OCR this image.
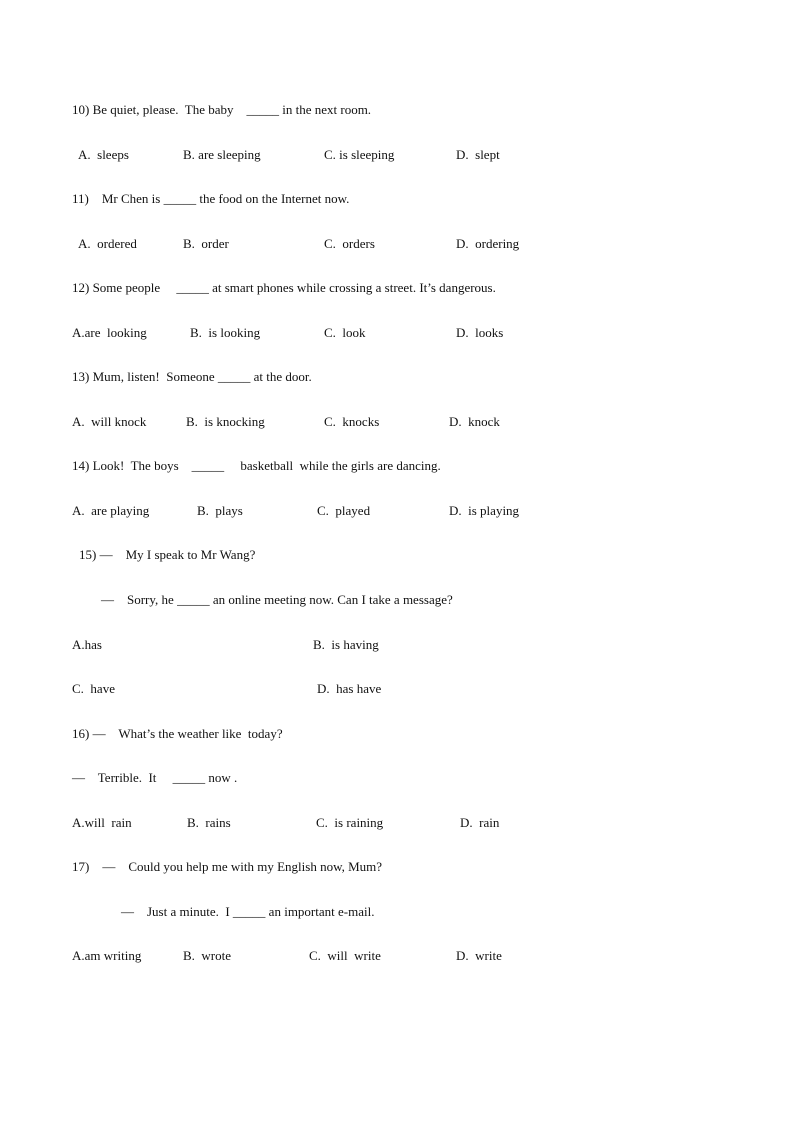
10) Be quiet, please.  The baby    _____ in the next room.
A.  sleeps	B. are sleeping	C. is sleeping	D.  slept
11)    Mr Chen is _____ the food on the Internet now.
A.  ordered	B.  order	C.  orders	D.  ordering
12) Some people     _____ at smart phones while crossing a street. It’s dangerous.
A.are  looking	B.  is looking	C.  look	D.  looks
13) Mum, listen!  Someone _____ at the door.
A.  will knock	B.  is knocking	C.  knocks	D.  knock
14) Look!  The boys    _____     basketball  while the girls are dancing.
A.  are playing	B.  plays	C.  played	D.  is playing
15) —    My I speak to Mr Wang?
—    Sorry, he _____ an online meeting now. Can I take a message?
A.has	B.  is having
C.  have	D.  has have
16) —    What’s the weather like  today?
—    Terrible.  It     _____ now .
A.will  rain	B.  rains	C.  is raining	D.  rain
17)    —    Could you help me with my English now, Mum?
—    Just a minute.  I _____ an important e-mail.
A.am writing	B.  wrote	C.  will  write	D.  write
